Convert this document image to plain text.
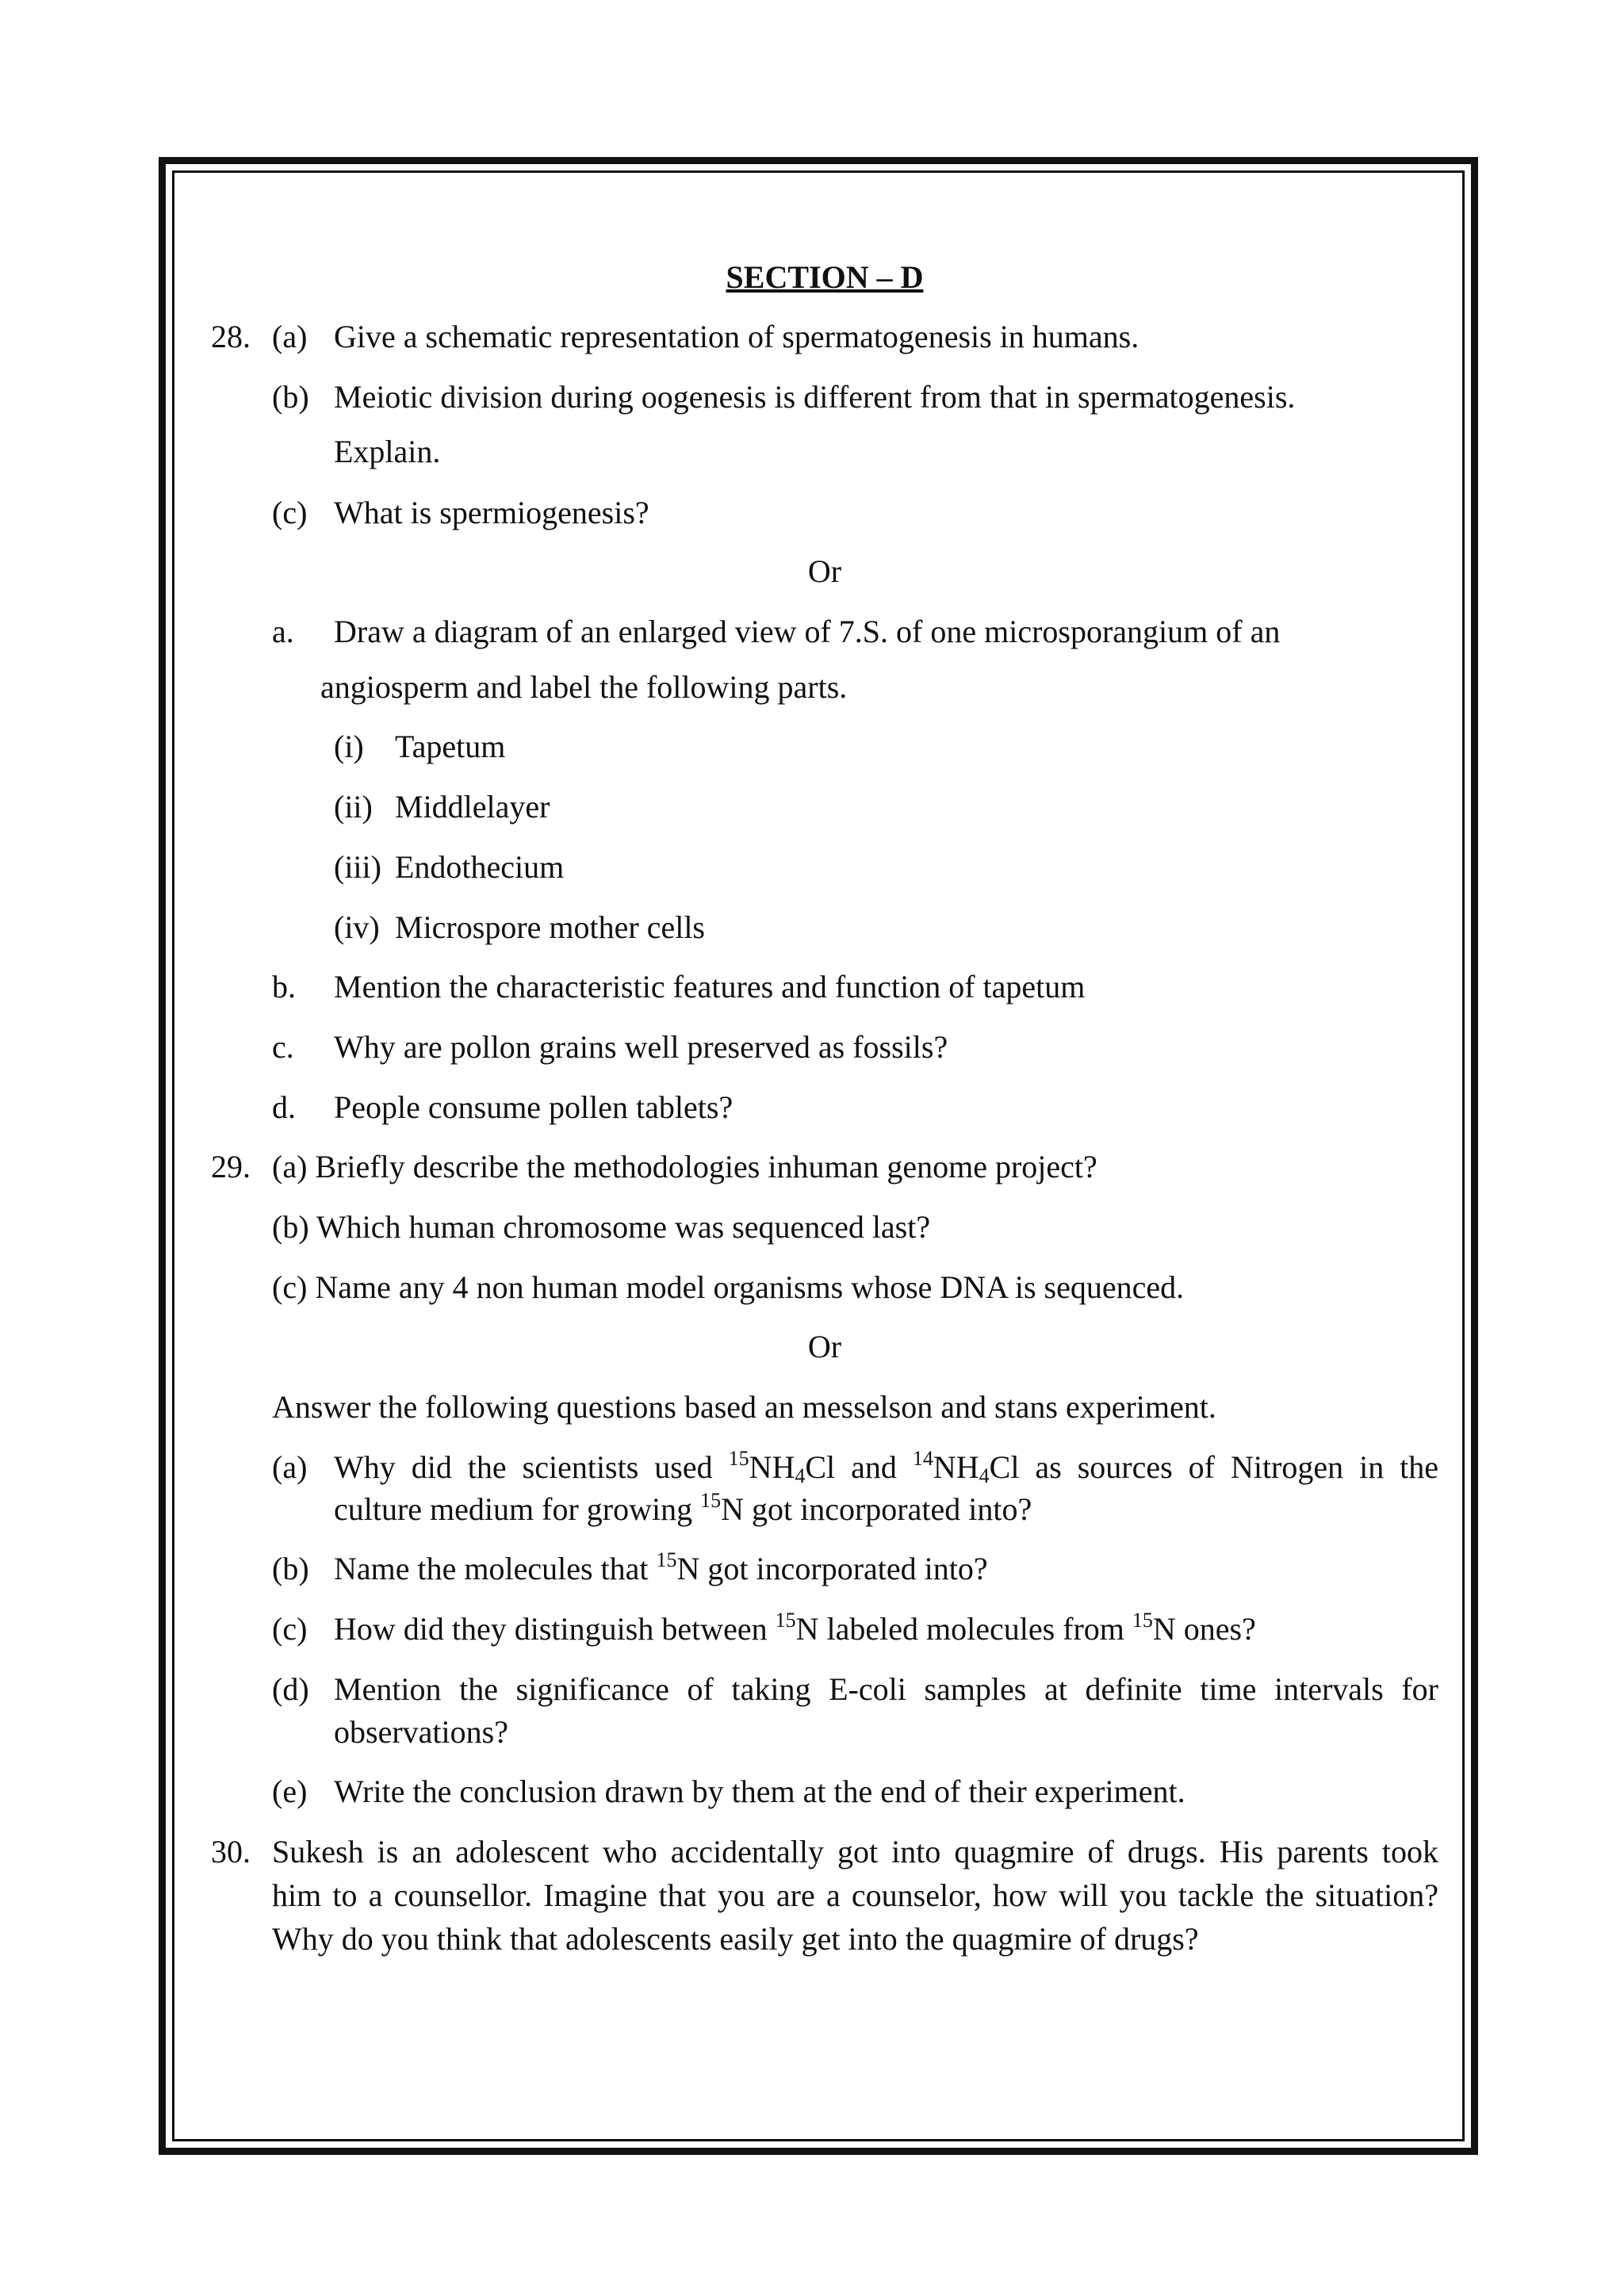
SECTION – D
28. (a) Give a schematic representation of spermatogenesis in humans.
(b) Meiotic division during oogenesis is different from that in spermatogenesis.
Explain.
(c) What is spermiogenesis?
Or
a. Draw a diagram of an enlarged view of 7.S. of one microsporangium of an
angiosperm and label the following parts.
(i) Tapetum
(ii) Middlelayer
(iii) Endothecium
(iv) Microspore mother cells
b. Mention the characteristic features and function of tapetum
c. Why are pollon grains well preserved as fossils?
d. People consume pollen tablets?
29. (a) Briefly describe the methodologies inhuman genome project?
(b) Which human chromosome was sequenced last?
(c) Name any 4 non human model organisms whose DNA is sequenced.
Or
Answer the following questions based an messelson and stans experiment.
(a) Why did the scientists used $^{15}NH_4Cl$ and $^{14}NH_4Cl$ as sources of Nitrogen in the
culture medium for growing $^{15}$N got incorporated into?
(b) Name the molecules that $^{15}$N got incorporated into?
(c) How did they distinguish between $^{15}$N labeled molecules from $^{15}$N ones?
(d) Mention the significance of taking E-coli samples at definite time intervals for
observations?
(e) Write the conclusion drawn by them at the end of their experiment.
30. Sukesh is an adolescent who accidentally got into quagmire of drugs. His parents took
him to a counsellor. Imagine that you are a counselor, how will you tackle the situation?
Why do you think that adolescents easily get into the quagmire of drugs?
